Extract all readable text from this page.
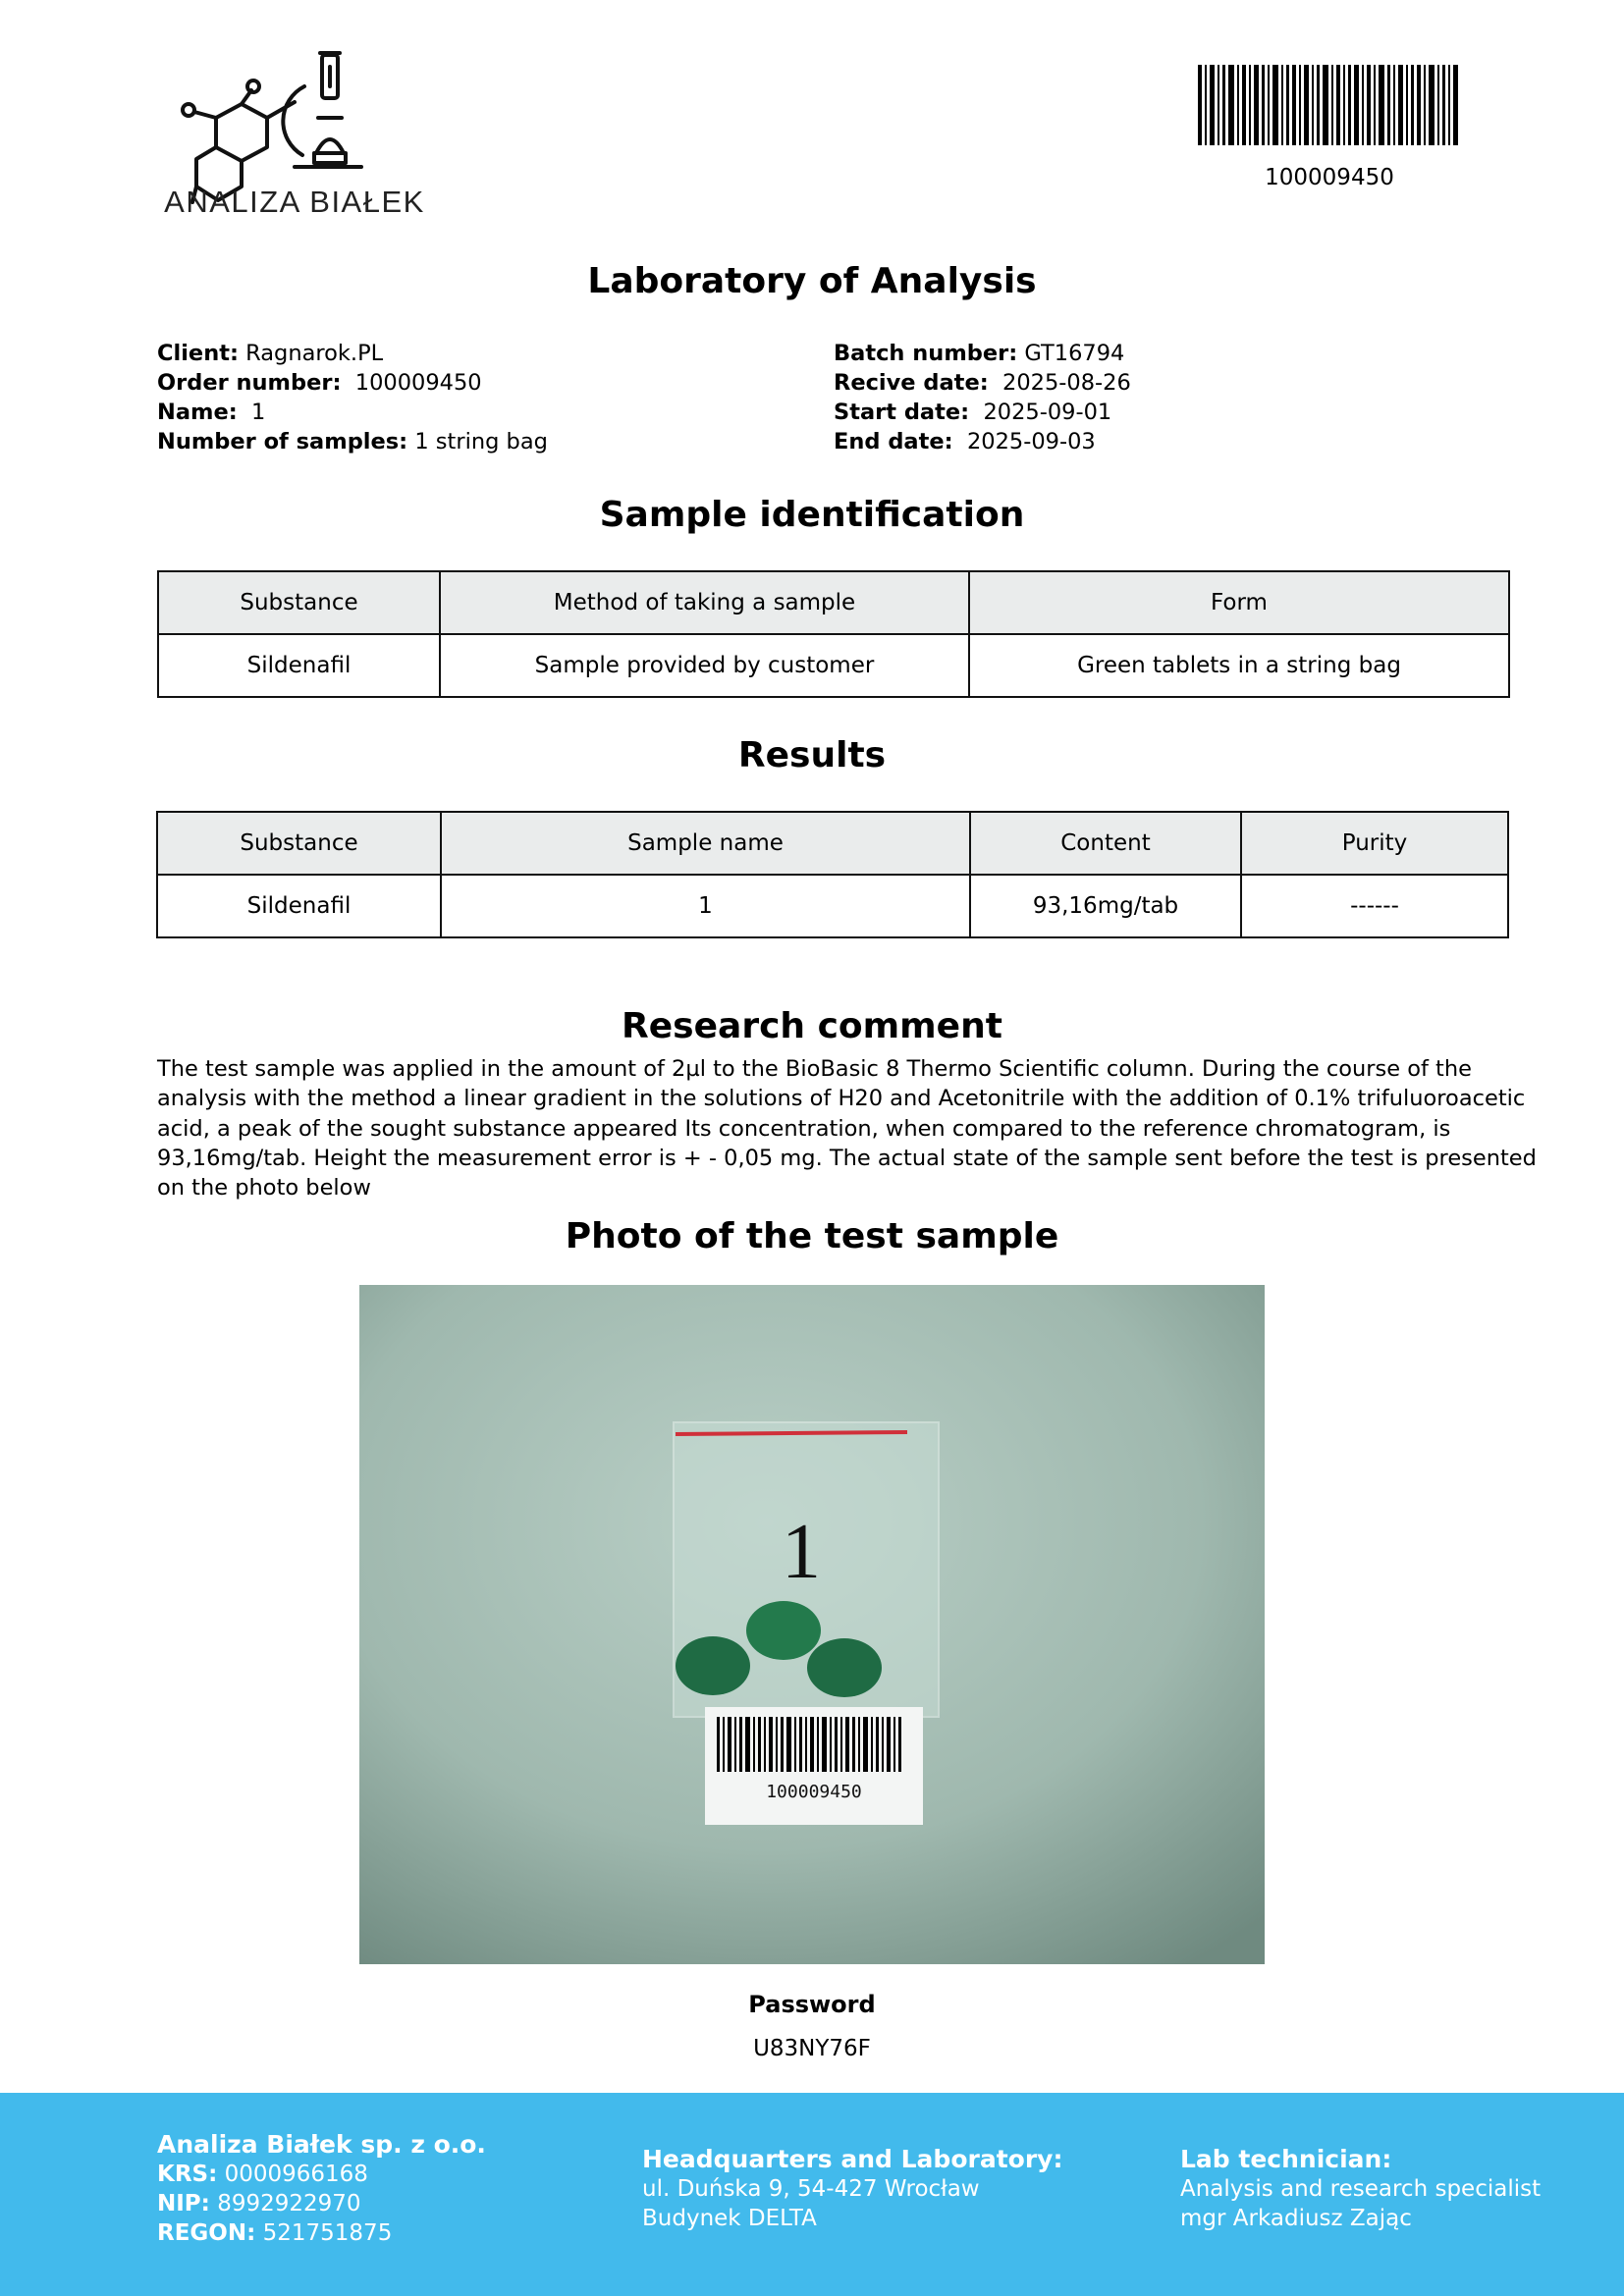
ANALIZA BIAŁEK
100009450
Laboratory of Analysis
Client: Ragnarok.PL
Order number: 100009450
Name: 1
Number of samples: 1 string bag
Batch number: GT16794
Recive date: 2025-08-26
Start date: 2025-09-01
End date: 2025-09-03
Sample identification
Substance	Method of taking a sample	Form
Sildenafil	Sample provided by customer	Green tablets in a string bag
Results
Substance	Sample name	Content	Purity
Sildenafil	1	93,16mg/tab	------
Research comment
The test sample was applied in the amount of 2µl to the BioBasic 8 Thermo Scientific column. During the course of the analysis with the method a linear gradient in the solutions of H20 and Acetonitrile with the addition of 0.1% trifuluoroacetic acid, a peak of the sought substance appeared Its concentration, when compared to the reference chromatogram, is 93,16mg/tab. Height the measurement error is + - 0,05 mg. The actual state of the sample sent before the test is presented on the photo below
Photo of the test sample
1
100009450
Password
U83NY76F
Analiza Białek sp. z o.o.
KRS: 0000966168
NIP: 8992922970
REGON: 521751875
Headquarters and Laboratory:
ul. Duńska 9, 54-427 Wrocław
Budynek DELTA
Lab technician:
Analysis and research specialist
mgr Arkadiusz Zając
